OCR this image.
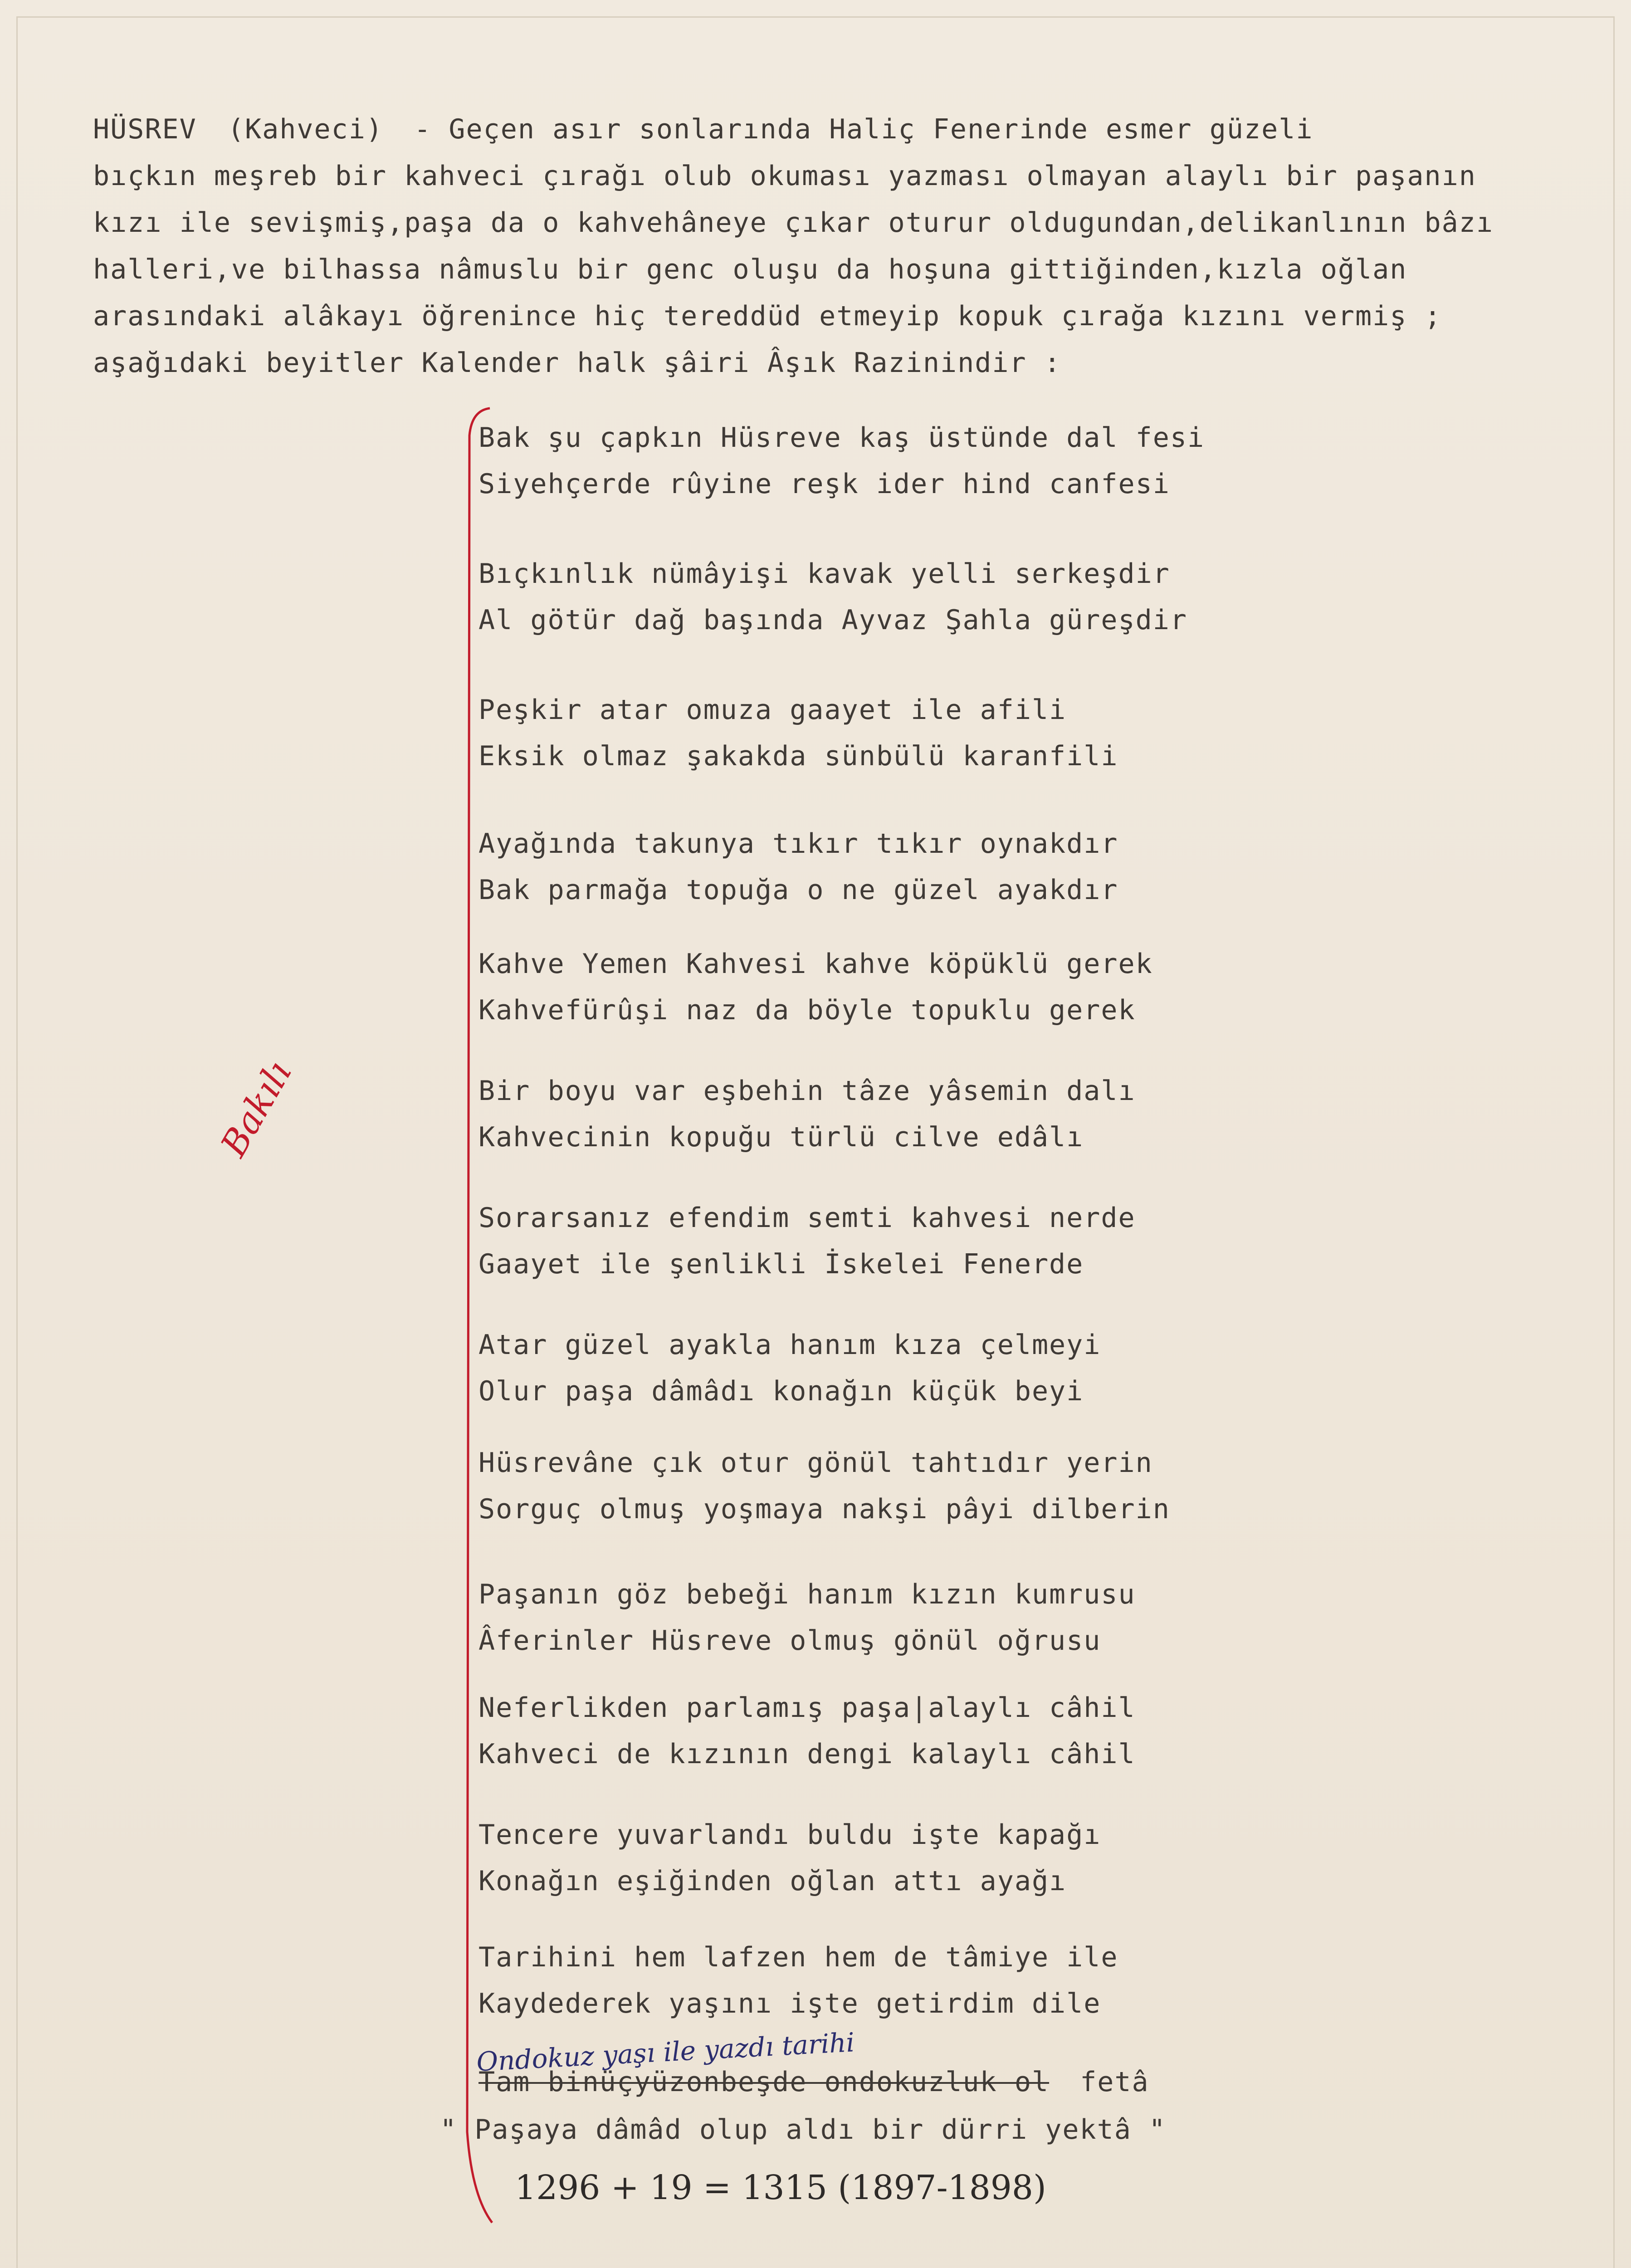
HÜSREV (Kahveci) - Geçen asır sonlarında Haliç Fenerinde esmer güzeli
bıçkın meşreb bir kahveci çırağı olub okuması yazması olmayan alaylı bir paşanın
kızı ile sevişmiş,paşa da o kahvehâneye çıkar oturur oldugundan,delikanlının bâzı
halleri,ve bilhassa nâmuslu bir genc oluşu da hoşuna gittiğinden,kızla oğlan
arasındaki alâkayı öğrenince hiç tereddüd etmeyip kopuk çırağa kızını vermiş ;
aşağıdaki beyitler Kalender halk şâiri Âşık Razinindir :
Bakılı
Bak şu çapkın Hüsreve kaş üstünde dal fesi
Siyehçerde rûyine reşk ider hind canfesi
Bıçkınlık nümâyişi kavak yelli serkeşdir
Al götür dağ başında Ayvaz Şahla güreşdir
Peşkir atar omuza gaayet ile afili
Eksik olmaz şakakda sünbülü karanfili
Ayağında takunya tıkır tıkır oynakdır
Bak parmağa topuğa o ne güzel ayakdır
Kahve Yemen Kahvesi kahve köpüklü gerek
Kahvefürûşi naz da böyle topuklu gerek
Bir boyu var eşbehin tâze yâsemin dalı
Kahvecinin kopuğu türlü cilve edâlı
Sorarsanız efendim semti kahvesi nerde
Gaayet ile şenlikli İskelei Fenerde
Atar güzel ayakla hanım kıza çelmeyi
Olur paşa dâmâdı konağın küçük beyi
Hüsrevâne çık otur gönül tahtıdır yerin
Sorguç olmuş yoşmaya nakşi pâyi dilberin
Paşanın göz bebeği hanım kızın kumrusu
Âferinler Hüsreve olmuş gönül oğrusu
Neferlikden parlamış paşa|alaylı câhil
Kahveci de kızının dengi kalaylı câhil
Tencere yuvarlandı buldu işte kapağı
Konağın eşiğinden oğlan attı ayağı
Tarihini hem lafzen hem de tâmiye ile
Kaydederek yaşını işte getirdim dile
Ondokuz yaşı ile yazdı tarihi
Tam binüçyüzonbeşde ondokuzluk ol fetâ
" Paşaya dâmâd olup aldı bir dürri yektâ "
1296 + 19 = 1315 (1897-1898)
